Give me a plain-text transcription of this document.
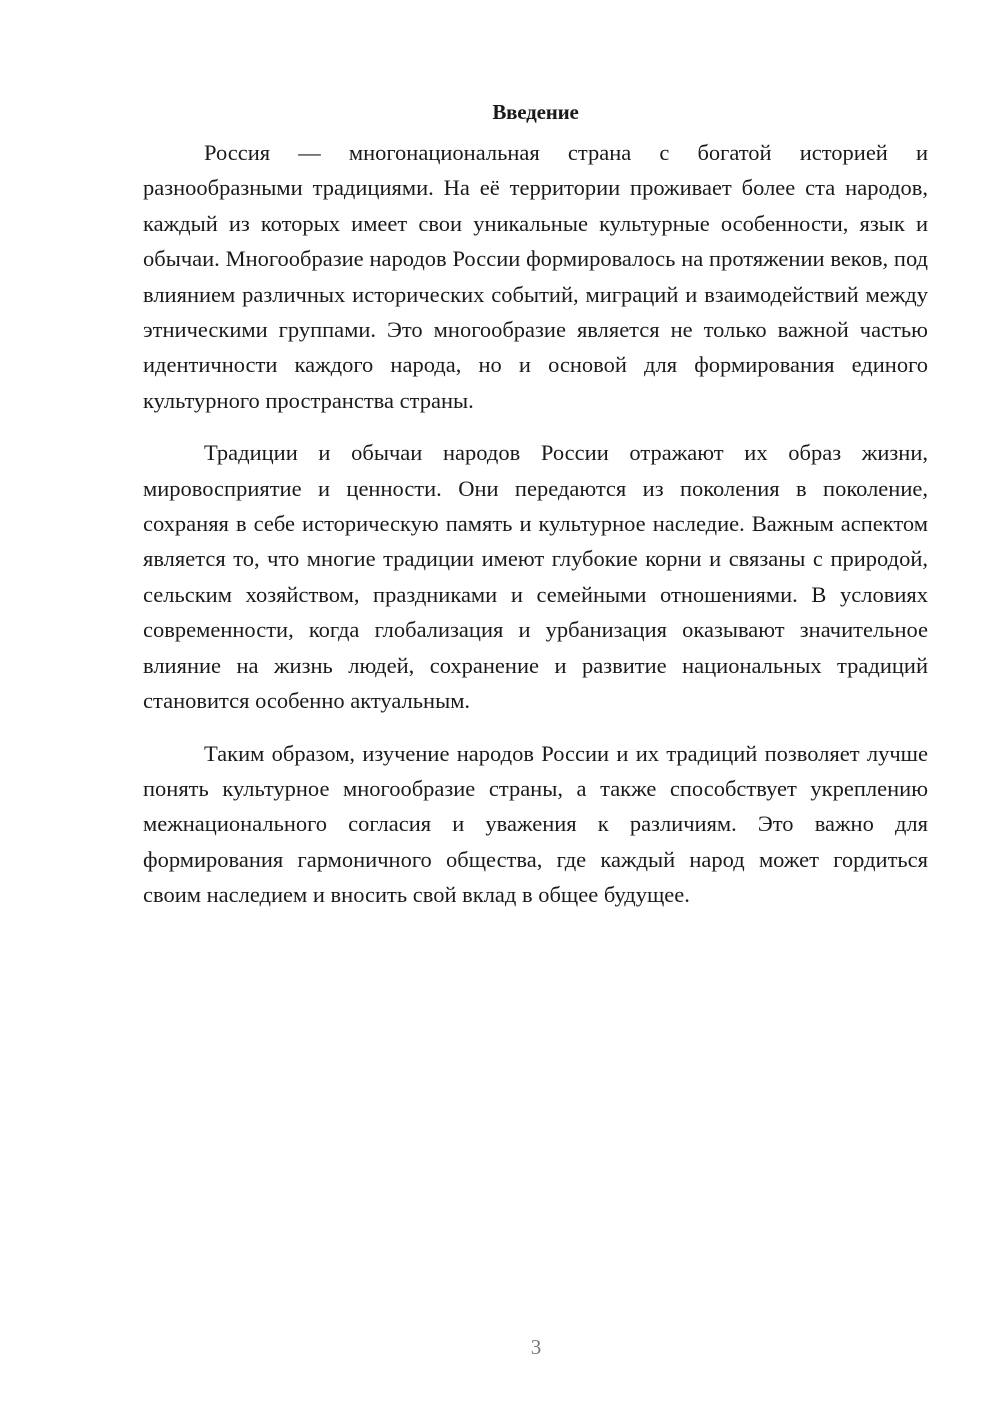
Введение

Россия — многонациональная страна с богатой историей и разнообразными традициями. На её территории проживает более ста народов, каждый из которых имеет свои уникальные культурные особенности, язык и обычаи. Многообразие народов России формировалось на протяжении веков, под влиянием различных исторических событий, миграций и взаимодействий между этническими группами. Это многообразие является не только важной частью идентичности каждого народа, но и основой для формирования единого культурного пространства страны.

Традиции и обычаи народов России отражают их образ жизни, мировосприятие и ценности. Они передаются из поколения в поколение, сохраняя в себе историческую память и культурное наследие. Важным аспектом является то, что многие традиции имеют глубокие корни и связаны с природой, сельским хозяйством, праздниками и семейными отношениями. В условиях современности, когда глобализация и урбанизация оказывают значительное влияние на жизнь людей, сохранение и развитие национальных традиций становится особенно актуальным.

Таким образом, изучение народов России и их традиций позволяет лучше понять культурное многообразие страны, а также способствует укреплению межнационального согласия и уважения к различиям. Это важно для формирования гармоничного общества, где каждый народ может гордиться своим наследием и вносить свой вклад в общее будущее.

3
